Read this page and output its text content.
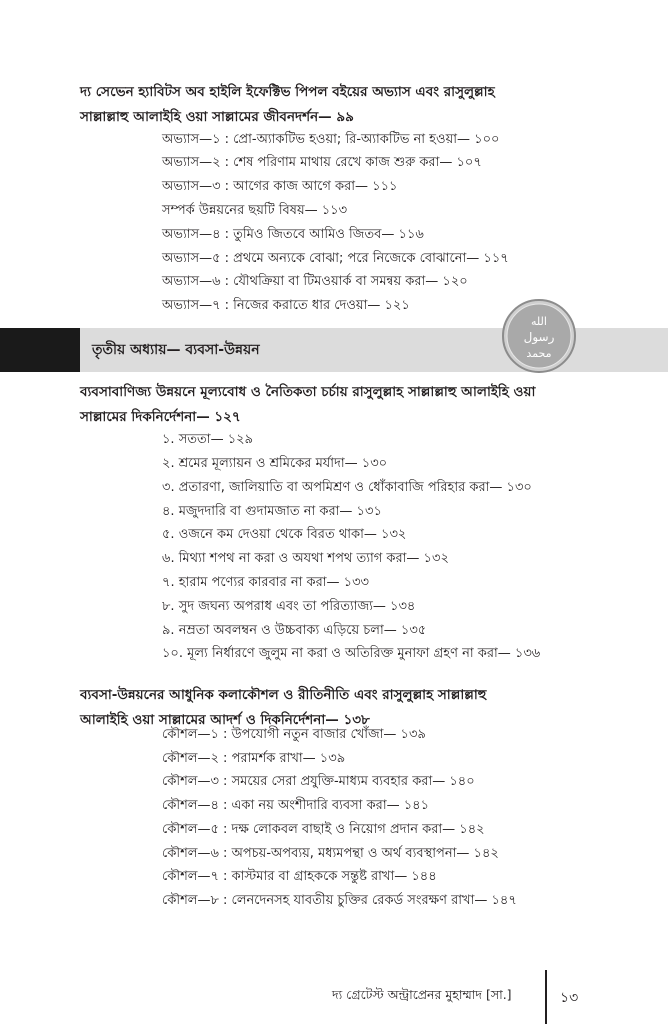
দ্য সেভেন হ্যাবিটস অব হাইলি ইফেক্টিভ পিপল বইয়ের অভ্যাস এবং রাসুলুল্লাহ
সাল্লাল্লাহু আলাইহি ওয়া সাল্লামের জীবনদর্শন— ৯৯
অভ্যাস—১ : প্রো-অ্যাকটিভ হওয়া; রি-অ্যাকটিভ না হওয়া— ১০০
অভ্যাস—২ : শেষ পরিণাম মাথায় রেখে কাজ শুরু করা— ১০৭
অভ্যাস—৩ : আগের কাজ আগে করা— ১১১
সম্পর্ক উন্নয়নের ছয়টি বিষয়— ১১৩
অভ্যাস—৪ : তুমিও জিতবে আমিও জিতব— ১১৬
অভ্যাস—৫ : প্রথমে অন্যকে বোঝা; পরে নিজেকে বোঝানো— ১১৭
অভ্যাস—৬ : যৌথক্রিয়া বা টিমওয়ার্ক বা সমন্বয় করা— ১২০
অভ্যাস—৭ : নিজের করাতে ধার দেওয়া— ১২১
তৃতীয় অধ্যায়— ব্যবসা-উন্নয়ন
الله
رسول
محمد
ব্যবসাবাণিজ্য উন্নয়নে মূল্যবোধ ও নৈতিকতা চর্চায় রাসুলুল্লাহ সাল্লাল্লাহু আলাইহি ওয়া
সাল্লামের দিকনির্দেশনা— ১২৭
১. সততা— ১২৯
২. শ্রমের মূল্যায়ন ও শ্রমিকের মর্যাদা— ১৩০
৩. প্রতারণা, জালিয়াতি বা অপমিশ্রণ ও ধোঁকাবাজি পরিহার করা— ১৩০
৪. মজুদদারি বা গুদামজাত না করা— ১৩১
৫. ওজনে কম দেওয়া থেকে বিরত থাকা— ১৩২
৬. মিথ্যা শপথ না করা ও অযথা শপথ ত্যাগ করা— ১৩২
৭. হারাম পণ্যের কারবার না করা— ১৩৩
৮. সুদ জঘন্য অপরাধ এবং তা পরিত্যাজ্য— ১৩৪
৯. নম্রতা অবলম্বন ও উচ্চবাক্য এড়িয়ে চলা— ১৩৫
১০. মূল্য নির্ধারণে জুলুম না করা ও অতিরিক্ত মুনাফা গ্রহণ না করা— ১৩৬
ব্যবসা-উন্নয়নের আধুনিক কলাকৌশল ও রীতিনীতি এবং রাসুলুল্লাহ সাল্লাল্লাহু
আলাইহি ওয়া সাল্লামের আদর্শ ও দিকনির্দেশনা— ১৩৮
কৌশল—১ : উপযোগী নতুন বাজার খোঁজা— ১৩৯
কৌশল—২ : পরামর্শক রাখা— ১৩৯
কৌশল—৩ : সময়ের সেরা প্রযুক্তি-মাধ্যম ব্যবহার করা— ১৪০
কৌশল—৪ : একা নয় অংশীদারি ব্যবসা করা— ১৪১
কৌশল—৫ : দক্ষ লোকবল বাছাই ও নিয়োগ প্রদান করা— ১৪২
কৌশল—৬ : অপচয়-অপব্যয়, মধ্যমপন্থা ও অর্থ ব্যবস্থাপনা— ১৪২
কৌশল—৭ : কাস্টমার বা গ্রাহককে সন্তুষ্ট রাখা— ১৪৪
কৌশল—৮ : লেনদেনসহ যাবতীয় চুক্তির রেকর্ড সংরক্ষণ রাখা— ১৪৭
দ্য গ্রেটেস্ট অন্ট্রাপ্রেনর মুহাম্মাদ [সা.]	১৩
